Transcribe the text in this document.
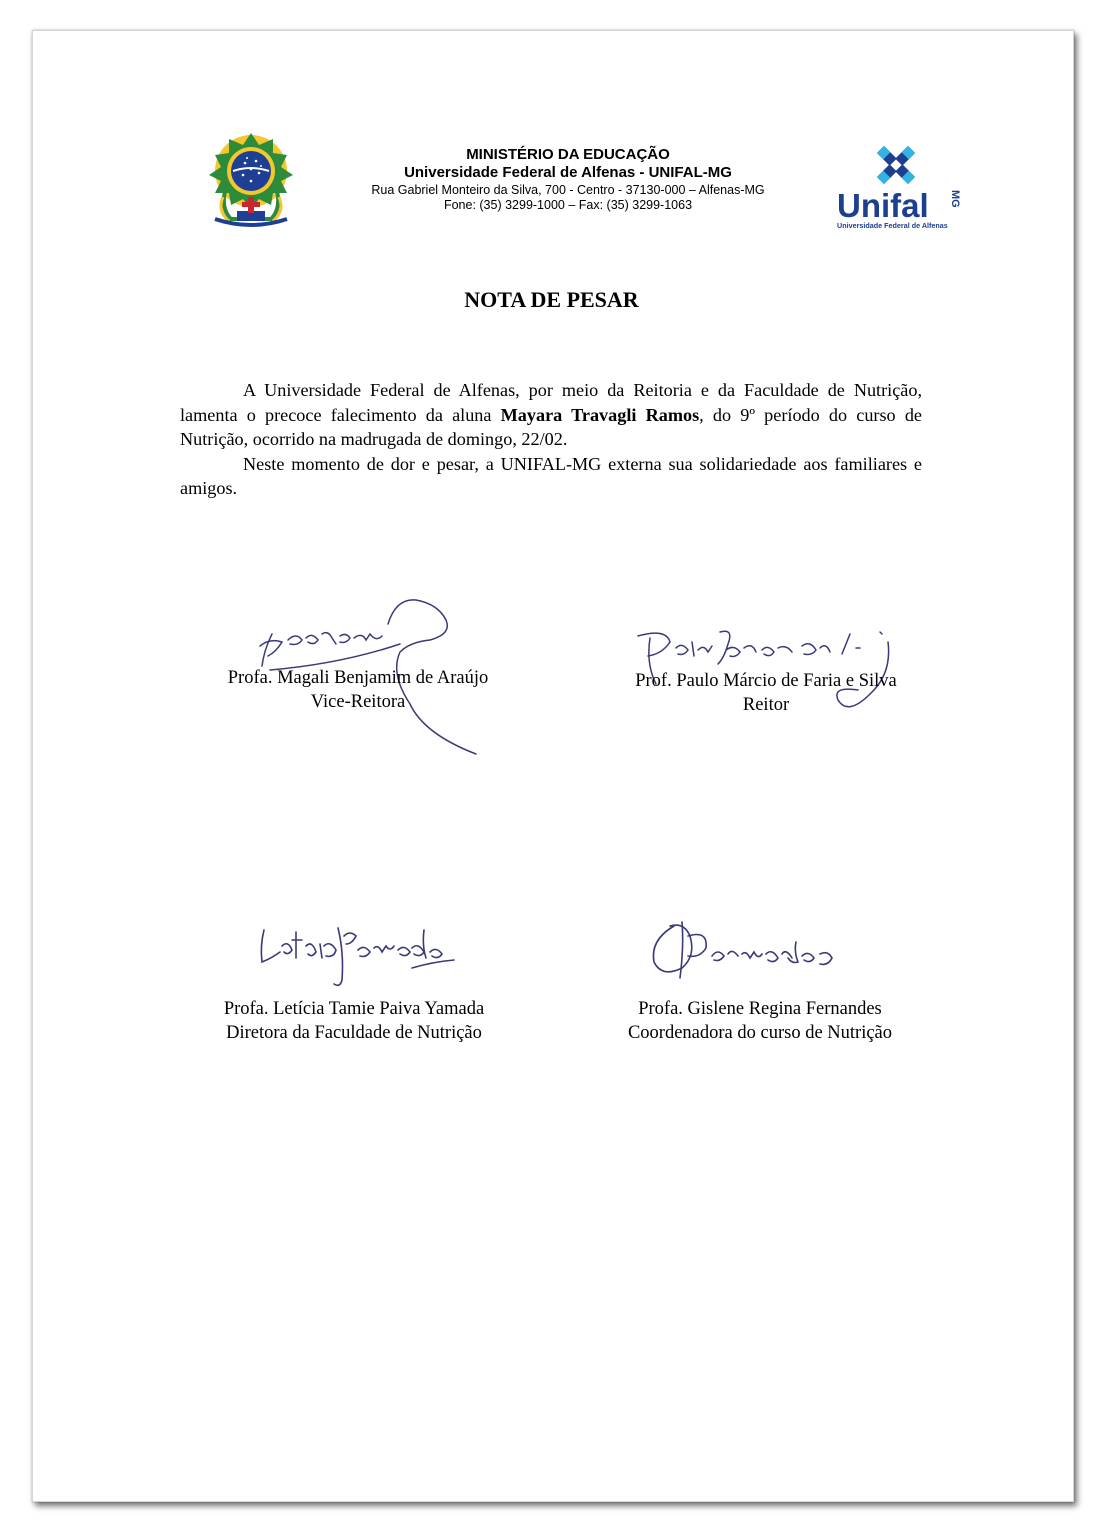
Unifal MG
Universidade Federal de Alfenas
MINISTÉRIO DA EDUCAÇÃO
Universidade Federal de Alfenas - UNIFAL-MG
Rua Gabriel Monteiro da Silva, 700 - Centro - 37130-000 – Alfenas-MG
Fone: (35) 3299-1000 – Fax: (35) 3299-1063
NOTA DE PESAR

A Universidade Federal de Alfenas, por meio da Reitoria e da Faculdade de Nutrição, lamenta o precoce falecimento da aluna Mayara Travagli Ramos, do 9º período do curso de Nutrição, ocorrido na madrugada de domingo, 22/02.

Neste momento de dor e pesar, a UNIFAL-MG externa sua solidariedade aos familiares e amigos.

Profa. Magali Benjamim de Araújo
Vice-Reitora
Prof. Paulo Márcio de Faria e Silva
Reitor
Profa. Letícia Tamie Paiva Yamada
Diretora da Faculdade de Nutrição
Profa. Gislene Regina Fernandes
Coordenadora do curso de Nutrição
